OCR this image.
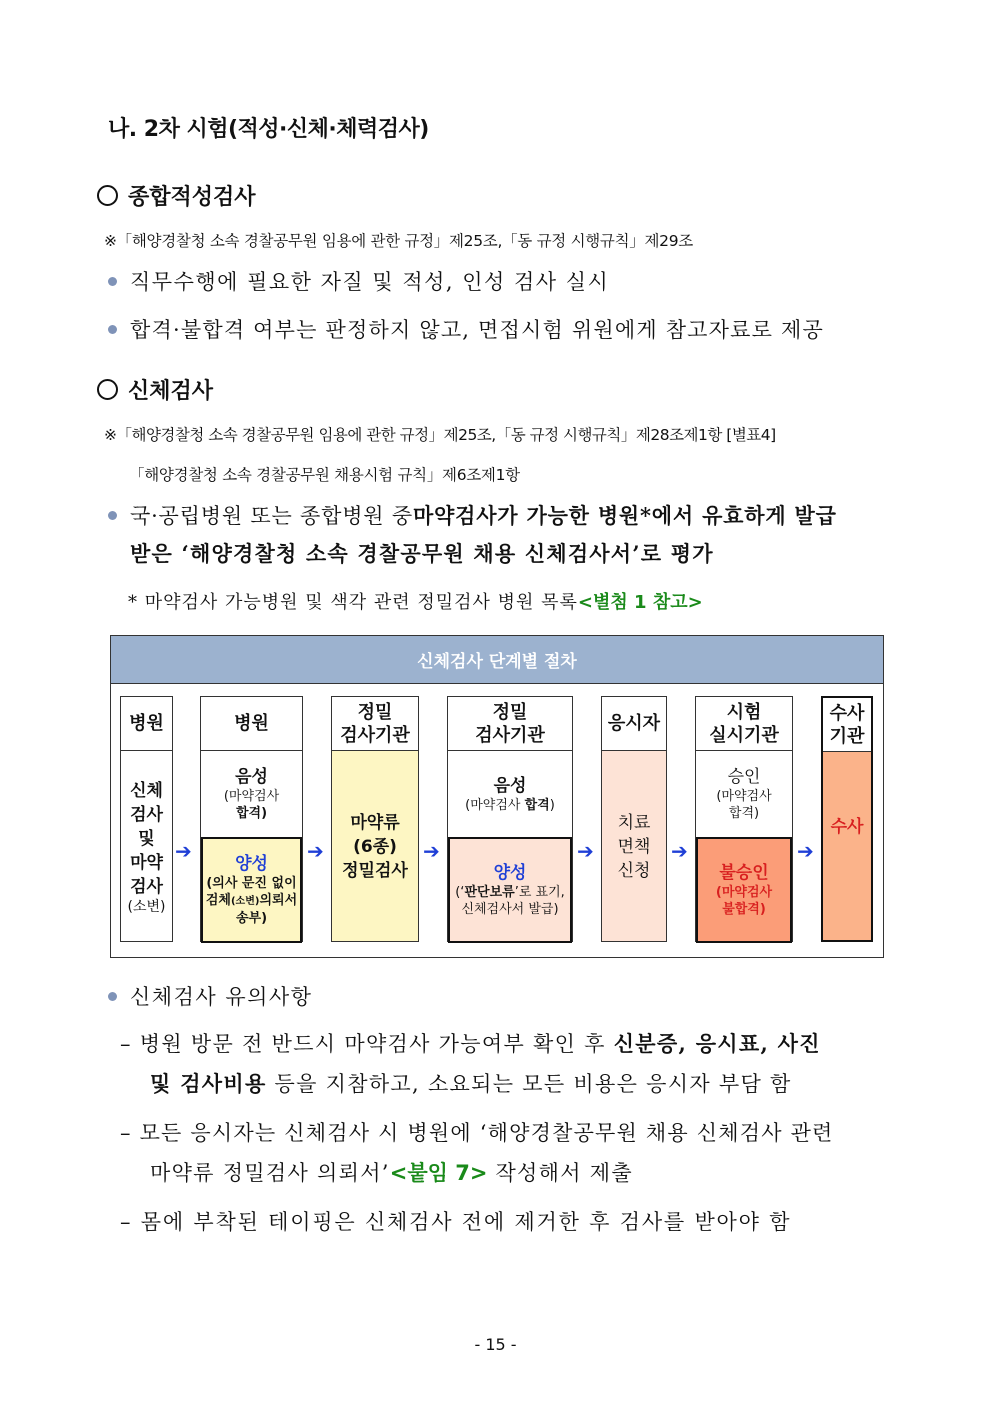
나. 2차 시험(적성·신체·체력검사)
종합적성검사
※「해양경찰청 소속 경찰공무원 임용에 관한 규정」제25조,「동 규정 시행규칙」제29조
직무수행에 필요한 자질 및 적성, 인성 검사 실시
합격·불합격 여부는 판정하지 않고, 면접시험 위원에게 참고자료로 제공
신체검사
※「해양경찰청 소속 경찰공무원 임용에 관한 규정」제25조,「동 규정 시행규칙」제28조제1항 [별표4]
「해양경찰청 소속 경찰공무원 채용시험 규칙」제6조제1항
국·공립병원 또는 종합병원 중 마약검사가 가능한 병원*에서 유효하게 발급
받은 ‘해양경찰청 소속 경찰공무원 채용 신체검사서’로 평가
* 마약검사 가능병원 및 색각 관련 정밀검사 병원 목록<별첨 1 참고>
신체검사 단계별 절차
병원
신체
검사
및
마약
검사
(소변)
➔
병원
음성
(마약검사
합격)
양성
(의사 문진 없이
검체(소변)의뢰서
송부)
➔
정밀
검사기관
마약류
(6종)
정밀검사
➔
정밀
검사기관
음성
(마약검사 합격)
양성
(‘판단보류’로 표기,
신체검사서 발급)
➔
응시자
치료
면책
신청
➔
시험
실시기관
승인
(마약검사
합격)
불승인
(마약검사
불합격)
➔
수사
기관
수사
신체검사 유의사항
– 병원 방문 전 반드시 마약검사 가능여부 확인 후 신분증, 응시표, 사진
및 검사비용 등을 지참하고, 소요되는 모든 비용은 응시자 부담 함
– 모든 응시자는 신체검사 시 병원에 ‘해양경찰공무원 채용 신체검사 관련
마약류 정밀검사 의뢰서’<붙임 7> 작성해서 제출
– 몸에 부착된 테이핑은 신체검사 전에 제거한 후 검사를 받아야 함
- 15 -
